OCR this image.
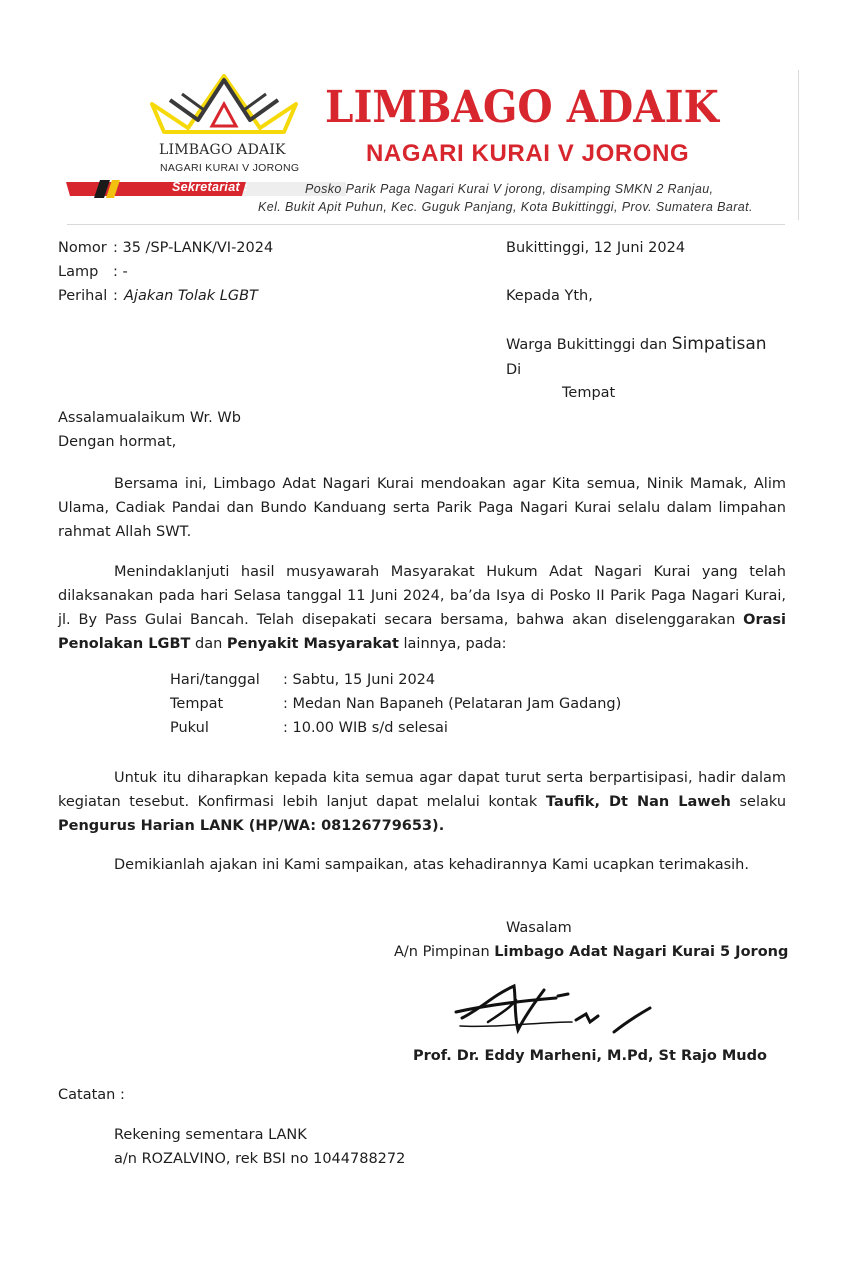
LIMBAGO ADAIK
NAGARI KURAI V JORONG
LIMBAGO ADAIK
NAGARI KURAI V JORONG
Sekretariat :	Posko Parik Paga Nagari Kurai V jorong, disamping SMKN 2 Ranjau,
Kel. Bukit Apit Puhun, Kec. Guguk Panjang, Kota Bukittinggi, Prov. Sumatera Barat.
Nomor : 35 /SP-LANK/VI-2024
Lamp : -
Perihal : Ajakan Tolak LGBT
Bukittinggi, 12 Juni 2024
Kepada Yth,
Warga Bukittinggi dan Simpatisan
Di
Tempat
Assalamualaikum Wr. Wb
Dengan hormat,

Bersama ini, Limbago Adat Nagari Kurai mendoakan agar Kita semua, Ninik Mamak, Alim Ulama, Cadiak Pandai dan Bundo Kanduang serta Parik Paga Nagari Kurai selalu dalam limpahan rahmat Allah SWT.

Menindaklanjuti hasil musyawarah Masyarakat Hukum Adat Nagari Kurai yang telah dilaksanakan pada hari Selasa tanggal 11 Juni 2024, ba’da Isya di Posko II Parik Paga Nagari Kurai, jl. By Pass Gulai Bancah. Telah disepakati secara bersama, bahwa akan diselenggarakan Orasi Penolakan LGBT dan Penyakit Masyarakat lainnya, pada:

Hari/tanggal : Sabtu, 15 Juni 2024
Tempat	: Medan Nan Bapaneh (Pelataran Jam Gadang)
Pukul	: 10.00 WIB s/d selesai

Untuk itu diharapkan kepada kita semua agar dapat turut serta berpartisipasi, hadir dalam kegiatan tesebut. Konfirmasi lebih lanjut dapat melalui kontak Taufik, Dt Nan Laweh selaku Pengurus Harian LANK (HP/WA: 08126779653).

Demikianlah ajakan ini Kami sampaikan, atas kehadirannya Kami ucapkan terimakasih.
Wasalam
A/n Pimpinan Limbago Adat Nagari Kurai 5 Jorong
Prof. Dr. Eddy Marheni, M.Pd, St Rajo Mudo
Catatan :
Rekening sementara LANK
a/n ROZALVINO, rek BSI no 1044788272
